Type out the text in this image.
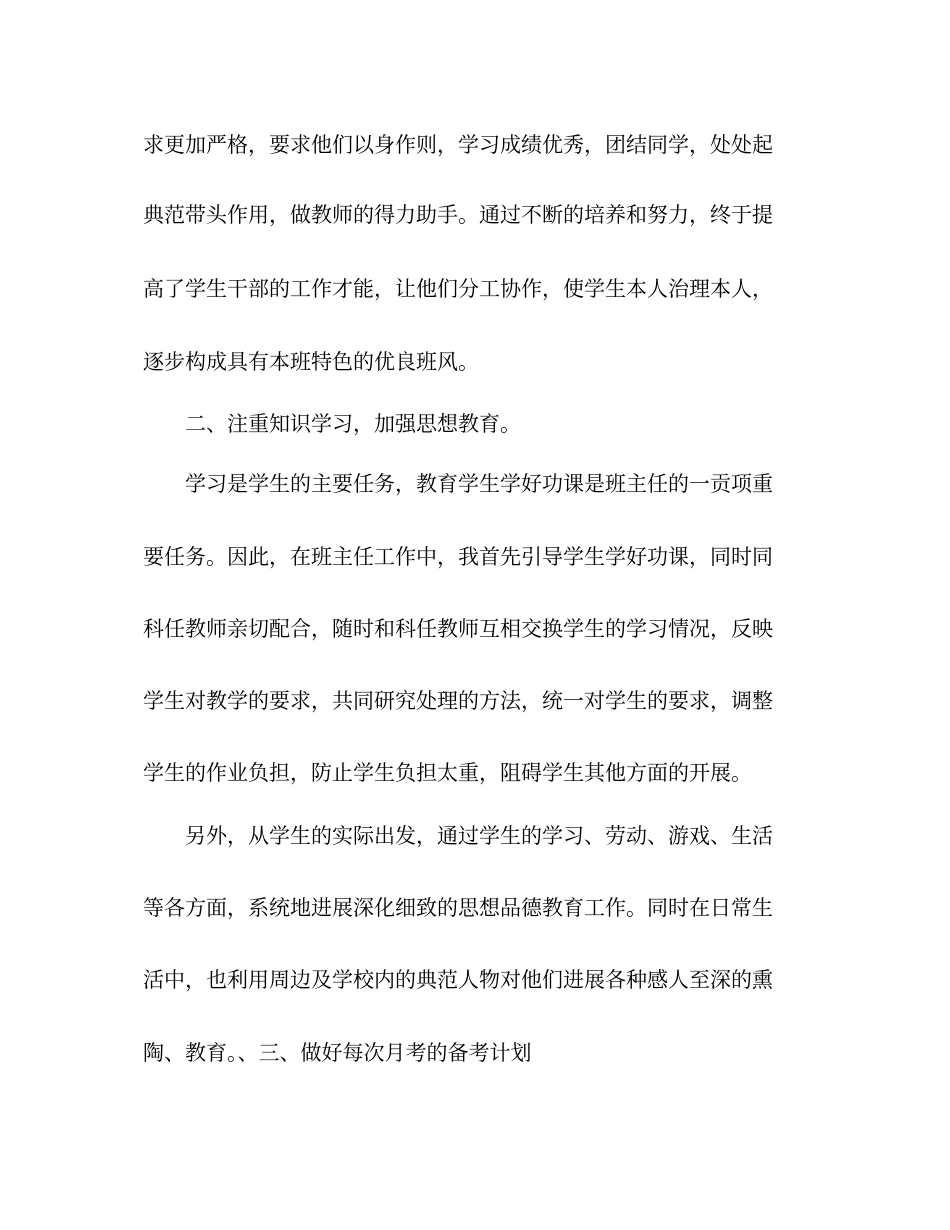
求更加严格，要求他们以身作则，学习成绩优秀，团结同学，处处起
典范带头作用，做教师的得力助手。通过不断的培养和努力，终于提
高了学生干部的工作才能，让他们分工协作，使学生本人治理本人，
逐步构成具有本班特色的优良班风。
二、注重知识学习，加强思想教育。
学习是学生的主要任务，教育学生学好功课是班主任的一贡项重
要任务。因此，在班主任工作中，我首先引导学生学好功课，同时同
科任教师亲切配合，随时和科任教师互相交换学生的学习情况，反映
学生对教学的要求，共同研究处理的方法，统一对学生的要求，调整
学生的作业负担，防止学生负担太重，阻碍学生其他方面的开展。
另外，从学生的实际出发，通过学生的学习、劳动、游戏、生活
等各方面，系统地进展深化细致的思想品德教育工作。同时在日常生
活中，也利用周边及学校内的典范人物对他们进展各种感人至深的熏
陶、教育。、三、做好每次月考的备考计划
